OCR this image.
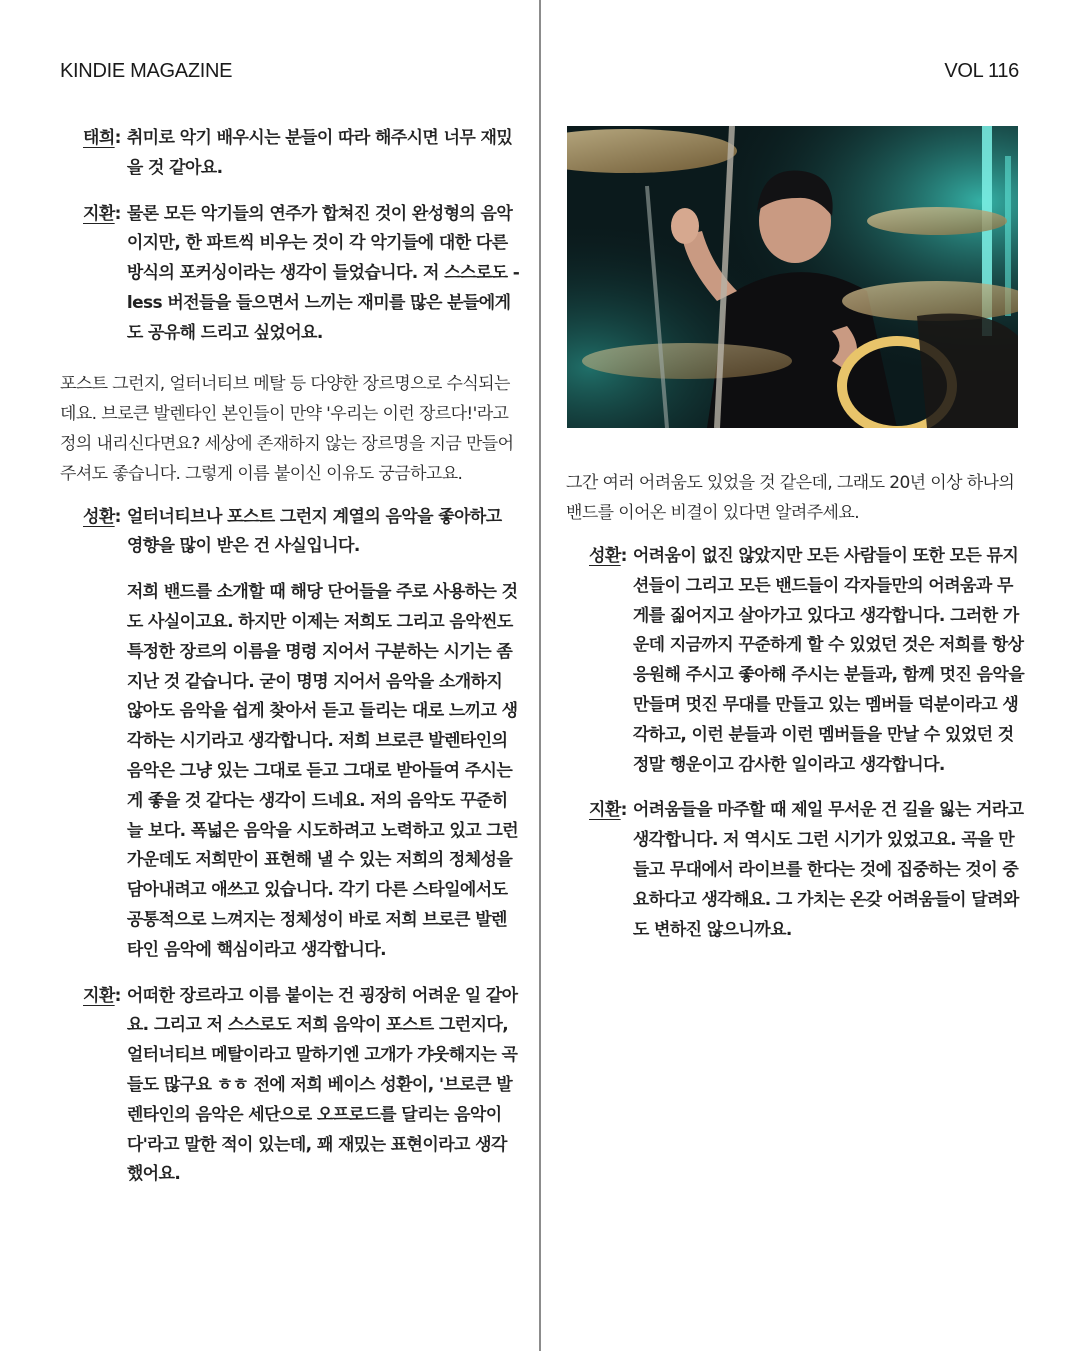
KINDIE MAGAZINE	VOL 116
태희: 취미로 악기 배우시는 분들이 따라 해주시면 너무 재밌을 것 같아요.

지환: 물론 모든 악기들의 연주가 합쳐진 것이 완성형의 음악이지만, 한 파트씩 비우는 것이 각 악기들에 대한 다른 방식의 포커싱이라는 생각이 들었습니다. 저 스스로도 -less 버전들을 들으면서 느끼는 재미를 많은 분들에게도 공유해 드리고 싶었어요.

포스트 그런지, 얼터너티브 메탈 등 다양한 장르명으로 수식되는데요. 브로큰 발렌타인 본인들이 만약 '우리는 이런 장르다!'라고 정의 내리신다면요? 세상에 존재하지 않는 장르명을 지금 만들어주셔도 좋습니다. 그렇게 이름 붙이신 이유도 궁금하고요.

성환: 얼터너티브나 포스트 그런지 계열의 음악을 좋아하고 영향을 많이 받은 건 사실입니다.

저희 밴드를 소개할 때 해당 단어들을 주로 사용하는 것도 사실이고요. 하지만 이제는 저희도 그리고 음악씬도 특정한 장르의 이름을 명령 지어서 구분하는 시기는 좀 지난 것 같습니다. 굳이 명명 지어서 음악을 소개하지 않아도 음악을 쉽게 찾아서 듣고 들리는 대로 느끼고 생각하는 시기라고 생각합니다. 저희 브로큰 발렌타인의 음악은 그냥 있는 그대로 듣고 그대로 받아들여 주시는 게 좋을 것 같다는 생각이 드네요. 저의 음악도 꾸준히 늘 보다. 폭넓은 음악을 시도하려고 노력하고 있고 그런 가운데도 저희만이 표현해 낼 수 있는 저희의 정체성을 담아내려고 애쓰고 있습니다. 각기 다른 스타일에서도 공통적으로 느껴지는 정체성이 바로 저희 브로큰 발렌타인 음악에 핵심이라고 생각합니다.

지환: 어떠한 장르라고 이름 붙이는 건 굉장히 어려운 일 같아요. 그리고 저 스스로도 저희 음악이 포스트 그런지다, 얼터너티브 메탈이라고 말하기엔 고개가 갸웃해지는 곡들도 많구요 ㅎㅎ 전에 저희 베이스 성환이, '브로큰 발렌타인의 음악은 세단으로 오프로드를 달리는 음악이다'라고 말한 적이 있는데, 꽤 재밌는 표현이라고 생각했어요.

그간 여러 어려움도 있었을 것 같은데, 그래도 20년 이상 하나의 밴드를 이어온 비결이 있다면 알려주세요.

성환: 어려움이 없진 않았지만 모든 사람들이 또한 모든 뮤지션들이 그리고 모든 밴드들이 각자들만의 어려움과 무게를 짊어지고 살아가고 있다고 생각합니다. 그러한 가운데 지금까지 꾸준하게 할 수 있었던 것은 저희를 항상 응원해 주시고 좋아해 주시는 분들과, 함께 멋진 음악을 만들며 멋진 무대를 만들고 있는 멤버들 덕분이라고 생각하고, 이런 분들과 이런 멤버들을 만날 수 있었던 것 정말 행운이고 감사한 일이라고 생각합니다.

지환: 어려움들을 마주할 때 제일 무서운 건 길을 잃는 거라고 생각합니다. 저 역시도 그런 시기가 있었고요. 곡을 만들고 무대에서 라이브를 한다는 것에 집중하는 것이 중요하다고 생각해요. 그 가치는 온갖 어려움들이 달려와도 변하진 않으니까요.
